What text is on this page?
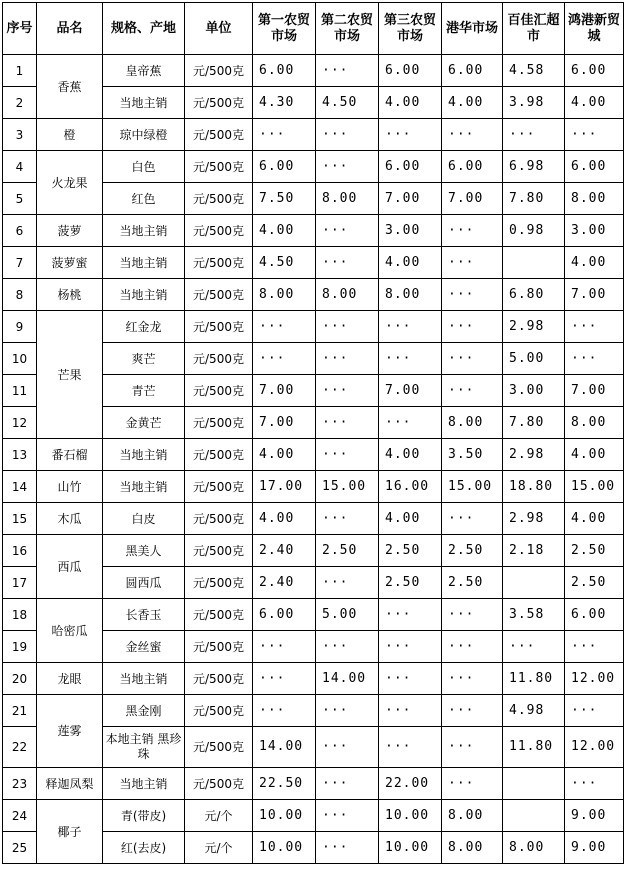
序号	品名	规格、产地	单位	第一农贸市场	第二农贸市场	第三农贸市场	港华市场	百佳汇超市	鸿港新贸城
1	香蕉	皇帝蕉	元/500克	6.00	···	6.00	6.00	4.58	6.00
2		当地主销	元/500克	4.30	4.50	4.00	4.00	3.98	4.00
3	橙	琼中绿橙	元/500克	···	···	···	···	···	···
4	火龙果	白色	元/500克	6.00	···	6.00	6.00	6.98	6.00
5		红色	元/500克	7.50	8.00	7.00	7.00	7.80	8.00
6	菠萝	当地主销	元/500克	4.00	···	3.00	···	0.98	3.00
7	菠萝蜜	当地主销	元/500克	4.50	···	4.00	···		4.00
8	杨桃	当地主销	元/500克	8.00	8.00	8.00	···	6.80	7.00
9	芒果	红金龙	元/500克	···	···	···	···	2.98	···
10		爽芒	元/500克	···	···	···	···	5.00	···
11		青芒	元/500克	7.00	···	7.00	···	3.00	7.00
12		金黄芒	元/500克	7.00	···	···	8.00	7.80	8.00
13	番石榴	当地主销	元/500克	4.00	···	4.00	3.50	2.98	4.00
14	山竹	当地主销	元/500克	17.00	15.00	16.00	15.00	18.80	15.00
15	木瓜	白皮	元/500克	4.00	···	4.00	···	2.98	4.00
16	西瓜	黑美人	元/500克	2.40	2.50	2.50	2.50	2.18	2.50
17		圆西瓜	元/500克	2.40	···	2.50	2.50		2.50
18	哈密瓜	长香玉	元/500克	6.00	5.00	···	···	3.58	6.00
19		金丝蜜	元/500克	···	···	···	···	···	···
20	龙眼	当地主销	元/500克	···	14.00	···	···	11.80	12.00
21	莲雾	黑金刚	元/500克	···	···	···	···	4.98	···
22		本地主销 黑珍珠	元/500克	14.00	···	···	···	11.80	12.00
23	释迦凤梨	当地主销	元/500克	22.50	···	22.00	···		···
24	椰子	青(带皮)	元/个	10.00	···	10.00	8.00		9.00
25		红(去皮)	元/个	10.00	···	10.00	8.00	8.00	9.00
